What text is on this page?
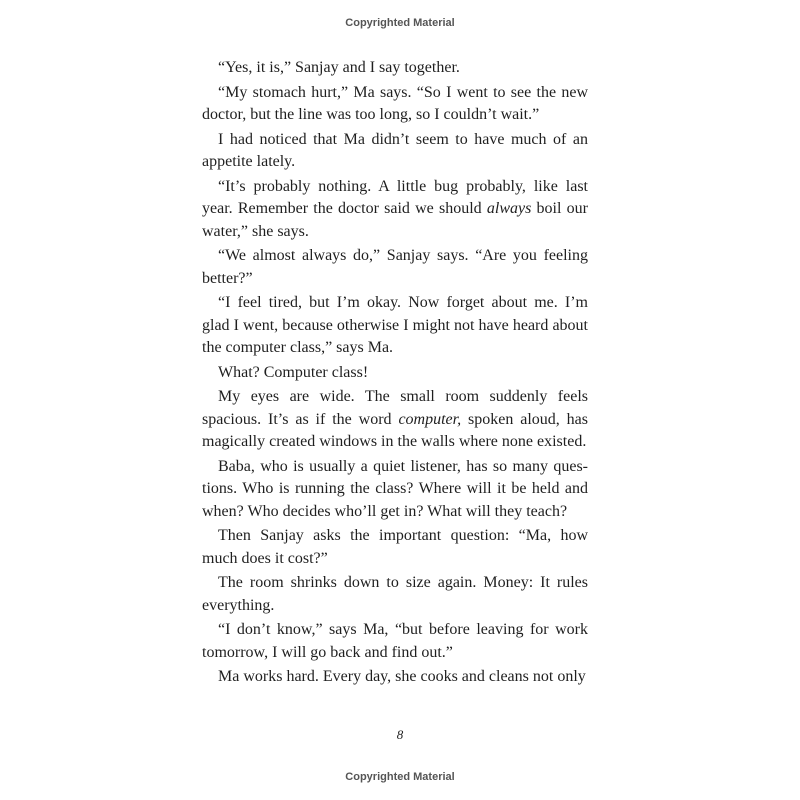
Copyrighted Material

“Yes, it is,” Sanjay and I say together.

“My stomach hurt,” Ma says. “So I went to see the new doctor, but the line was too long, so I couldn’t wait.”

I had noticed that Ma didn’t seem to have much of an appetite lately.

“It’s probably nothing. A little bug probably, like last year. Remember the doctor said we should always boil our water,” she says.

“We almost always do,” Sanjay says. “Are you feeling better?”

“I feel tired, but I’m okay. Now forget about me. I’m glad I went, because otherwise I might not have heard about the computer class,” says Ma.

What? Computer class!

My eyes are wide. The small room suddenly feels spacious. It’s as if the word computer, spoken aloud, has magically created windows in the walls where none existed.

Baba, who is usually a quiet listener, has so many questions. Who is running the class? Where will it be held and when? Who decides who’ll get in? What will they teach?

Then Sanjay asks the important question: “Ma, how much does it cost?”

The room shrinks down to size again. Money: It rules everything.

“I don’t know,” says Ma, “but before leaving for work tomorrow, I will go back and find out.”

Ma works hard. Every day, she cooks and cleans not only

8
Copyrighted Material
